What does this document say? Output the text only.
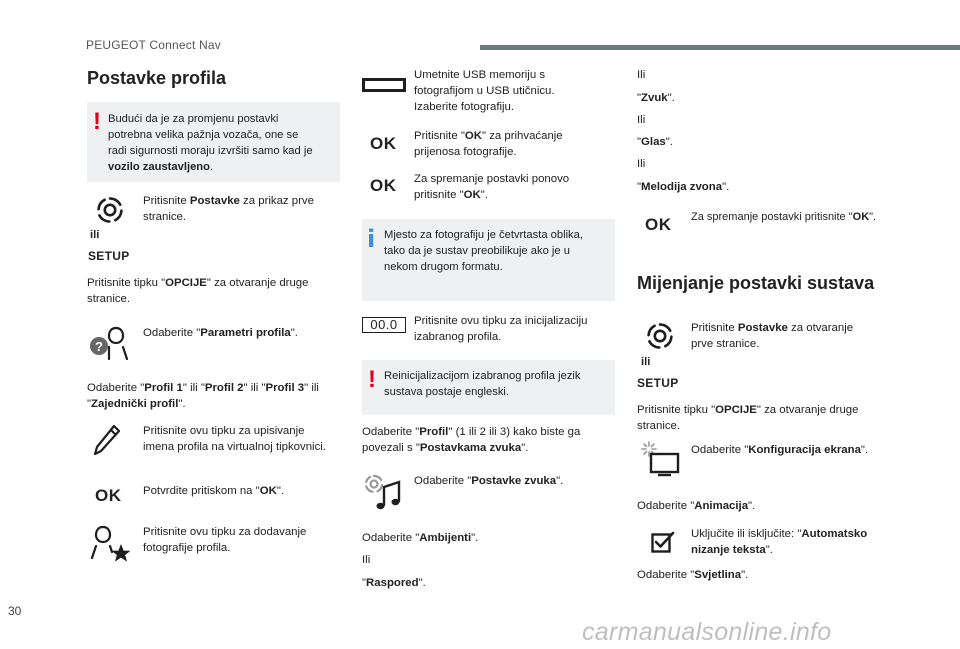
PEUGEOT Connect Nav
30
carmanualsonline.info
Postavke profila
! Budući da je za promjenu postavki
potrebna velika pažnja vozača, one se
radi sigurnosti moraju izvršiti samo kad je
vozilo zaustavljeno.
Pritisnite Postavke za prikaz prve
stranice.
ili
SETUP
Pritisnite tipku "OPCIJE" za otvaranje druge
stranice.
?
Odaberite "Parametri profila".
Odaberite "Profil 1" ili "Profil 2" ili "Profil 3" ili
"Zajednički profil".
Pritisnite ovu tipku za upisivanje
imena profila na virtualnoj tipkovnici.
OK Potvrdite pritiskom na "OK".
Pritisnite ovu tipku za dodavanje
fotografije profila.
Umetnite USB memoriju s
fotografijom u USB utičnicu.
Izaberite fotografiju.
OK Pritisnite "OK" za prihvaćanje
prijenosa fotografije.
OK Za spremanje postavki ponovo
pritisnite "OK".
i Mjesto za fotografiju je četvrtasta oblika,
tako da je sustav preobilikuje ako je u
nekom drugom formatu.
00.0	Pritisnite ovu tipku za inicijalizaciju
izabranog profila.
! Reinicijalizacijom izabranog profila jezik
sustava postaje engleski.
Odaberite "Profil" (1 ili 2 ili 3) kako biste ga
povezali s "Postavkama zvuka".
Odaberite "Postavke zvuka".
Odaberite "Ambijenti".
Ili
"Raspored".
Ili
"Zvuk".
Ili
"Glas".
Ili
"Melodija zvona".
OK Za spremanje postavki pritisnite "OK".
Mijenjanje postavki sustava
Pritisnite Postavke za otvaranje
prve stranice.
ili
SETUP
Pritisnite tipku "OPCIJE" za otvaranje druge
stranice.
Odaberite "Konfiguracija ekrana".
Odaberite "Animacija".
Uključite ili isključite: "Automatsko
nizanje teksta".
Odaberite "Svjetlina".
